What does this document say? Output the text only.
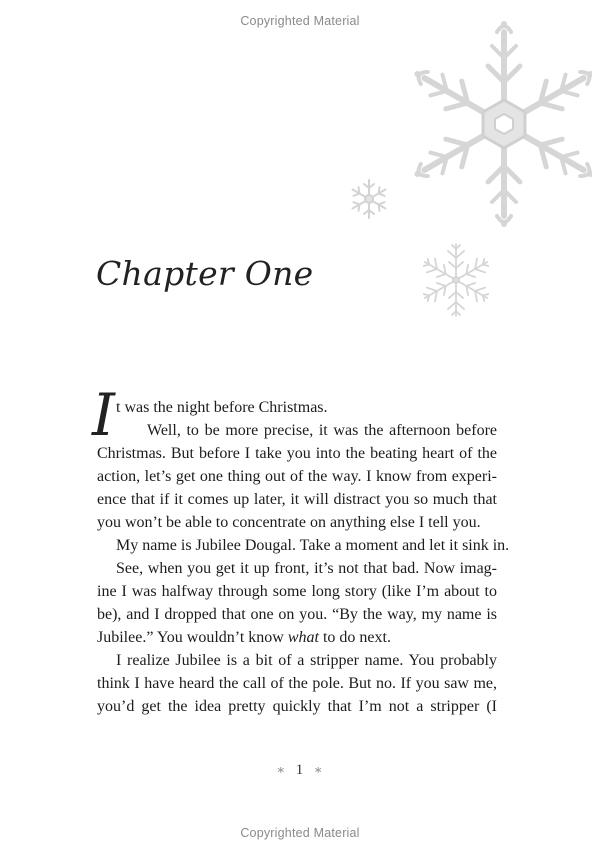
Copyrighted Material
Chapter One
I t was the night before Christmas.
Well, to be more precise, it was the afternoon before
Christmas. But before I take you into the beating heart of the
action, let’s get one thing out of the way. I know from experi-
ence that if it comes up later, it will distract you so much that
you won’t be able to concentrate on anything else I tell you.
My name is Jubilee Dougal. Take a moment and let it sink in.
See, when you get it up front, it’s not that bad. Now imag-
ine I was halfway through some long story (like I’m about to
be), and I dropped that one on you. “By the way, my name is
Jubilee.” You wouldn’t know what to do next.
I realize Jubilee is a bit of a stripper name. You probably
think I have heard the call of the pole. But no. If you saw me,
you’d get the idea pretty quickly that I’m not a stripper (I
∗ 1 ∗
Copyrighted Material
